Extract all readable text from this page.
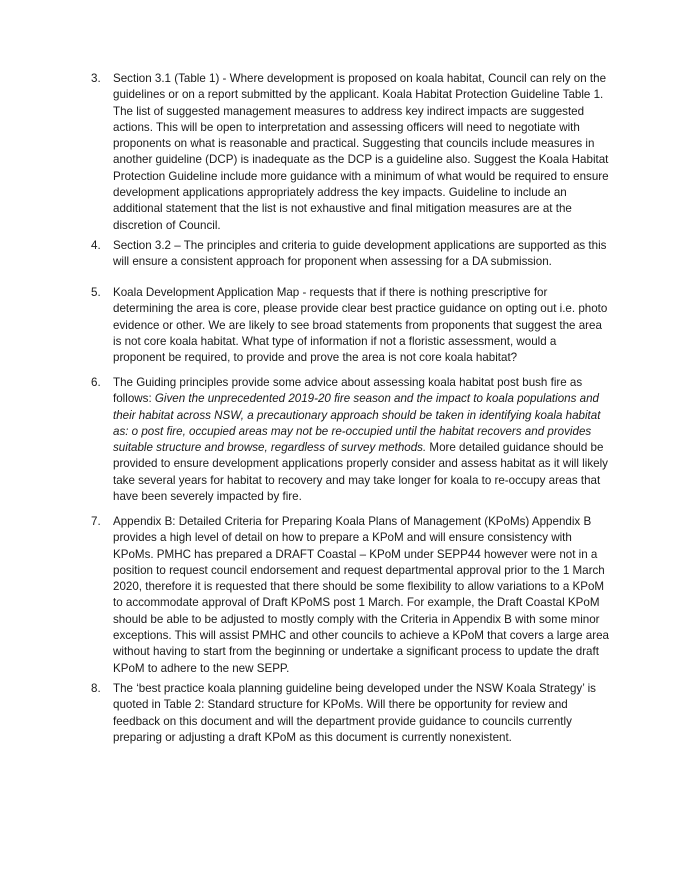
3.	Section 3.1 (Table 1) - Where development is proposed on koala habitat, Council can rely on the guidelines or on a report submitted by the applicant. Koala Habitat Protection Guideline Table 1. The list of suggested management measures to address key indirect impacts are suggested actions. This will be open to interpretation and assessing officers will need to negotiate with proponents on what is reasonable and practical. Suggesting that councils include measures in another guideline (DCP) is inadequate as the DCP is a guideline also. Suggest the Koala Habitat Protection Guideline include more guidance with a minimum of what would be required to ensure development applications appropriately address the key impacts. Guideline to include an additional statement that the list is not exhaustive and final mitigation measures are at the discretion of Council.
4.	Section 3.2 – The principles and criteria to guide development applications are supported as this will ensure a consistent approach for proponent when assessing for a DA submission.
5.	Koala Development Application Map - requests that if there is nothing prescriptive for determining the area is core, please provide clear best practice guidance on opting out i.e. photo evidence or other. We are likely to see broad statements from proponents that suggest the area is not core koala habitat. What type of information if not a floristic assessment, would a proponent be required, to provide and prove the area is not core koala habitat?
6.	The Guiding principles provide some advice about assessing koala habitat post bush fire as follows: Given the unprecedented 2019-20 fire season and the impact to koala populations and their habitat across NSW, a precautionary approach should be taken in identifying koala habitat as: o post fire, occupied areas may not be re-occupied until the habitat recovers and provides suitable structure and browse, regardless of survey methods. More detailed guidance should be provided to ensure development applications properly consider and assess habitat as it will likely take several years for habitat to recovery and may take longer for koala to re-occupy areas that have been severely impacted by fire.
7.	Appendix B: Detailed Criteria for Preparing Koala Plans of Management (KPoMs) Appendix B provides a high level of detail on how to prepare a KPoM and will ensure consistency with KPoMs. PMHC has prepared a DRAFT Coastal – KPoM under SEPP44 however were not in a position to request council endorsement and request departmental approval prior to the 1 March 2020, therefore it is requested that there should be some flexibility to allow variations to a KPoM to accommodate approval of Draft KPoMS post 1 March. For example, the Draft Coastal KPoM should be able to be adjusted to mostly comply with the Criteria in Appendix B with some minor exceptions. This will assist PMHC and other councils to achieve a KPoM that covers a large area without having to start from the beginning or undertake a significant process to update the draft KPoM to adhere to the new SEPP.
8.	The ‘best practice koala planning guideline being developed under the NSW Koala Strategy’ is quoted in Table 2: Standard structure for KPoMs. Will there be opportunity for review and feedback on this document and will the department provide guidance to councils currently preparing or adjusting a draft KPoM as this document is currently nonexistent.
